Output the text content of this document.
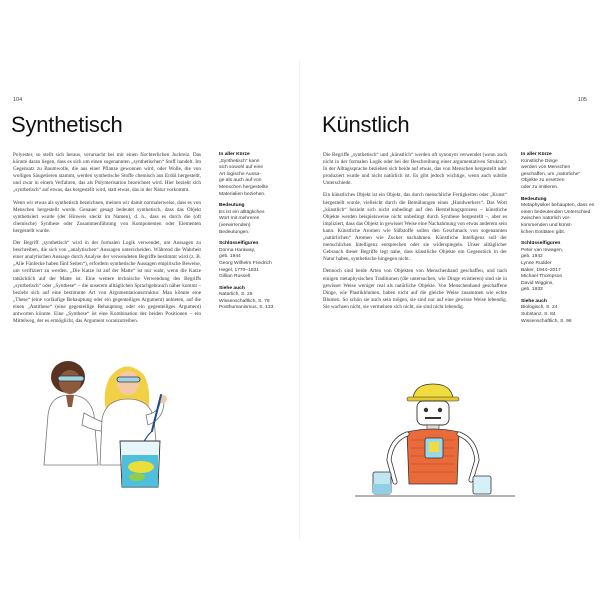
104
Synthetisch

Polyester, so stellt sich heraus, verursacht bei mir einen fürchterlichen Juckreiz. Das könnte daran liegen, dass es sich um einen sogenannten „synthetischen“ Stoff handelt. Im Gegensatz zu Baumwolle, die aus einer Pflanze gewonnen wird, oder Wolle, die von wolligen Säugetieren stammt, werden synthetische Stoffe chemisch aus Erdöl hergestellt, und zwar in einem Verfahren, das als Polymerisation bezeichnet wird. Hier bezieht sich „synthetisch“ auf etwas, das hergestellt wird, statt etwas, das in der Natur vorkommt.

Wenn wir etwas als synthetisch bezeichnen, meinen wir damit normalerweise, dass es von Menschen hergestellt wurde. Genauer gesagt bedeutet synthetisch, dass das Objekt synthetisiert wurde (der Hinweis steckt im Namen), d. h., dass es durch die (oft chemische) Synthese oder Zusammenführung von Komponenten oder Elementen hergestellt wurde.

Der Begriff „synthetisch“ wird in der formalen Logik verwendet, um Aussagen zu beschreiben, die sich von „analytischen“ Aussagen unterscheiden. Während die Wahrheit einer analytischen Aussage durch Analyse der verwendeten Begriffe bestimmt wird (z. B. „Alle Fünfecke haben fünf Seiten“), erfordern synthetische Aussagen empirische Beweise, um verifiziert zu werden. „Die Katze ist auf der Matte“ ist nur wahr, wenn die Katze tatsächlich auf der Matte ist. Eine weitere technische Verwendung des Begriffs „synthetisch“ oder „Synthese“ – die unserem alltäglichen Sprachgebrauch näher kommt – bezieht sich auf eine bestimmte Art von Argumentationsstruktur. Man könnte eine „These“ (eine vorläufige Behauptung oder ein gegenteiliges Argument) anbieten, auf die einen „Antithese“ (eine gegenteilige Behauptung oder ein gegenteiliges Argument) antworten könnte. Eine „Synthese“ ist eine Kombination der beiden Positionen – ein Mittelweg, der es ermöglicht, das Argument voranzutreiben.

In aller Kürze
„Synthetisch“ kann
sich sowohl auf eine
Art logische Aussa-
ge als auch auf von
Menschen hergestellte
Materialien beziehen.
Bedeutung
Es ist ein alltägliches
Wort mit mehreren
(verwirrenden)
Bedeutungen.
Schlüsselfiguren
Donna Haraway,
geb. 1944
Georg Wilhelm Friedrich
Hegel, 1770–1831
Gillian Russell
Siehe auch
Natürlich, S. 25
Wissenschaftlich, S. 78
Posthumanismus, S. 133
105
Künstlich

Die Begriffe „synthetisch“ und „künstlich“ werden oft synonym verwendet (wenn auch nicht in der formalen Logik oder bei der Beschreibung einer argumentativen Struktur). In der Alltagssprache beziehen sich beide auf etwas, das von Menschen hergestellt oder produziert wurde und nicht natürlich ist. Es gibt jedoch wichtige, wenn auch subtile Unterschiede.

Ein künstliches Objekt ist ein Objekt, das durch menschliche Fertigkeiten oder „Kunst“ hergestellt wurde, vielleicht durch die Bemühungen eines „Handwerkers“. Das Wort „künstlich“ bezieht sich nicht unbedingt auf den Herstellungsprozess – künstliche Objekte werden beispielsweise nicht unbedingt durch Synthese hergestellt –, aber es impliziert, dass das Objekt in gewisser Weise eine Nachahmung von etwas anderem sein kann. Künstliche Aromen wie Süßstoffe sollen den Geschmack von sogenannten „natürlichen“ Aromen wie Zucker nachahmen. Künstliche Intelligenz soll der menschlichen Intelligenz entsprechen oder sie widerspiegeln. Unser alltäglicher Gebrauch dieser Begriffe legt nahe, dass künstliche Objekte ein Gegenstück in der Natur haben, synthetische hingegen nicht.

Dennoch sind beide Arten von Objekten von Menschenhand geschaffen, und nach einigen metaphysischen Traditionen (die untersuchen, wie Dinge existieren) sind sie in gewisser Weise weniger real als natürliche Objekte. Von Menschenhand geschaffene Dinge, wie Plastikblumen, haben nicht auf die gleiche Weise zusammen wie echte Blumen. So schön sie auch sein mögen, sie sind nur auf eine gewisse Weise lebendig. Sie wachsen nicht, sie vermehren sich nicht, sie sind nicht lebendig.

In aller Kürze
Künstliche Dinge
werden von Menschen
geschaffen, um „natürliche“
Objekte zu ersetzen
oder zu imitieren.
Bedeutung
Metaphysiker behaupten, dass es einen bedeutenden Unterschied
zwischen natürlich vor-
kommenden und künst-
lichen Entitäten gibt.
Schlüsselfiguren
Peter van Inwagen,
geb. 1942
Lynne Rudder
Baker, 1944–2017
Michael Thompson
David Wiggins,
geb. 1933
Siehe auch
Biologisch, S. 24
Substanz, S. 84
Wissenschaftlich, S. 96
